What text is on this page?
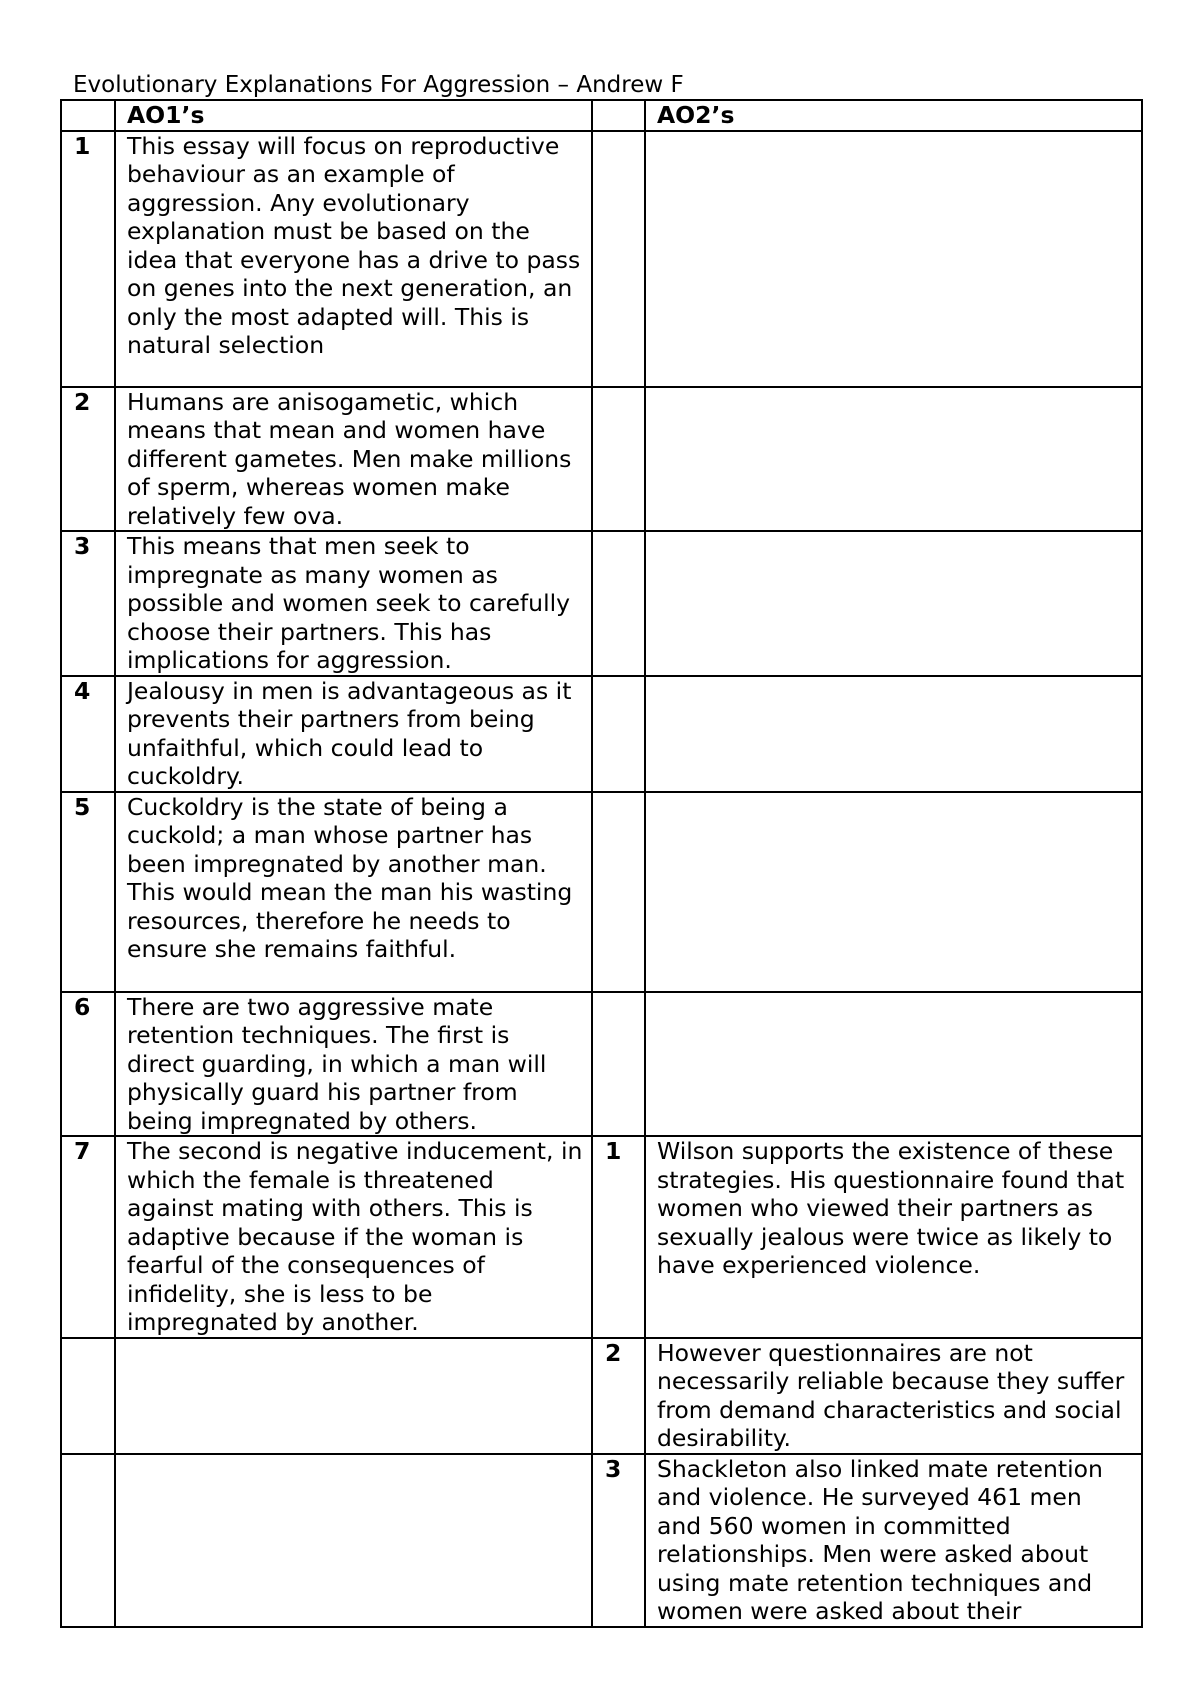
Evolutionary Explanations For Aggression – Andrew F
	AO1’s		AO2’s
1	This essay will focus on reproductive behaviour as an example of aggression. Any evolutionary explanation must be based on the idea that everyone has a drive to pass on genes into the next generation, an only the most adapted will. This is natural selection		
2	Humans are anisogametic, which means that mean and women have different gametes. Men make millions of sperm, whereas women make relatively few ova.		
3	This means that men seek to impregnate as many women as possible and women seek to carefully choose their partners. This has implications for aggression.		
4	Jealousy in men is advantageous as it prevents their partners from being unfaithful, which could lead to cuckoldry.		
5	Cuckoldry is the state of being a cuckold; a man whose partner has been impregnated by another man. This would mean the man his wasting resources, therefore he needs to ensure she remains faithful.		
6	There are two aggressive mate retention techniques. The first is direct guarding, in which a man will physically guard his partner from being impregnated by others.		
7	The second is negative inducement, in which the female is threatened against mating with others. This is adaptive because if the woman is fearful of the consequences of infidelity, she is less to be impregnated by another.	1	Wilson supports the existence of these strategies. His questionnaire found that women who viewed their partners as sexually jealous were twice as likely to have experienced violence.
		2	However questionnaires are not necessarily reliable because they suffer from demand characteristics and social desirability.
		3	Shackleton also linked mate retention and violence. He surveyed 461 men and 560 women in committed relationships. Men were asked about using mate retention techniques and women were asked about their
